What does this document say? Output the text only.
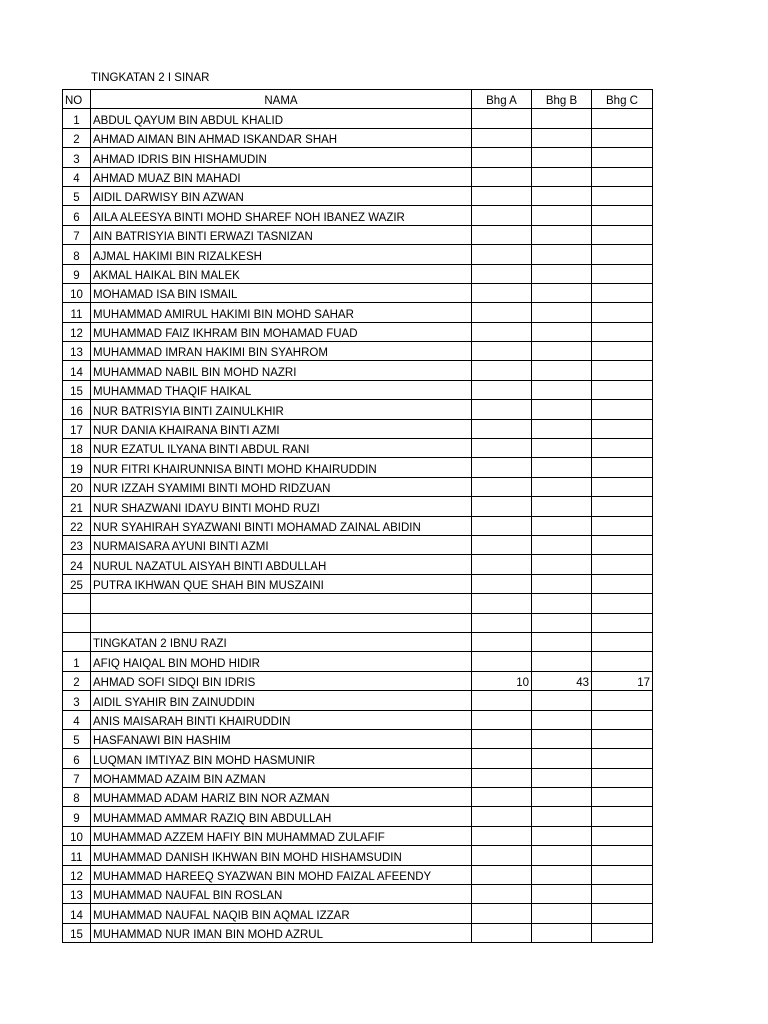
TINGKATAN 2 I SINAR
NO	NAMA	Bhg A	Bhg B	Bhg C
1	ABDUL QAYUM BIN ABDUL KHALID			
2	AHMAD AIMAN BIN AHMAD ISKANDAR SHAH			
3	AHMAD IDRIS BIN HISHAMUDIN			
4	AHMAD MUAZ BIN MAHADI			
5	AIDIL DARWISY BIN AZWAN			
6	AILA ALEESYA BINTI MOHD SHAREF NOH IBANEZ WAZIR			
7	AIN BATRISYIA BINTI ERWAZI TASNIZAN			
8	AJMAL HAKIMI BIN RIZALKESH			
9	AKMAL HAIKAL BIN MALEK			
10	MOHAMAD ISA BIN ISMAIL			
11	MUHAMMAD AMIRUL HAKIMI BIN MOHD SAHAR			
12	MUHAMMAD FAIZ IKHRAM BIN MOHAMAD FUAD			
13	MUHAMMAD IMRAN HAKIMI BIN SYAHROM			
14	MUHAMMAD NABIL BIN MOHD NAZRI			
15	MUHAMMAD THAQIF HAIKAL			
16	NUR BATRISYIA BINTI ZAINULKHIR			
17	NUR DANIA KHAIRANA BINTI AZMI			
18	NUR EZATUL ILYANA BINTI ABDUL RANI			
19	NUR FITRI KHAIRUNNISA BINTI MOHD KHAIRUDDIN			
20	NUR IZZAH SYAMIMI BINTI MOHD RIDZUAN			
21	NUR SHAZWANI IDAYU BINTI MOHD RUZI			
22	NUR SYAHIRAH SYAZWANI BINTI MOHAMAD ZAINAL ABIDIN			
23	NURMAISARA AYUNI BINTI AZMI			
24	NURUL NAZATUL AISYAH BINTI ABDULLAH			
25	PUTRA IKHWAN QUE SHAH BIN MUSZAINI			

	TINGKATAN 2 IBNU RAZI			
1	AFIQ HAIQAL BIN MOHD HIDIR			
2	AHMAD SOFI SIDQI BIN IDRIS	10	43	17
3	AIDIL SYAHIR BIN ZAINUDDIN			
4	ANIS MAISARAH BINTI KHAIRUDDIN			
5	HASFANAWI BIN HASHIM			
6	LUQMAN IMTIYAZ BIN MOHD HASMUNIR			
7	MOHAMMAD AZAIM BIN AZMAN			
8	MUHAMMAD ADAM HARIZ BIN NOR AZMAN			
9	MUHAMMAD AMMAR RAZIQ BIN ABDULLAH			
10	MUHAMMAD AZZEM HAFIY BIN MUHAMMAD ZULAFIF			
11	MUHAMMAD DANISH IKHWAN BIN MOHD HISHAMSUDIN			
12	MUHAMMAD HAREEQ SYAZWAN BIN MOHD FAIZAL AFEENDY			
13	MUHAMMAD NAUFAL BIN ROSLAN			
14	MUHAMMAD NAUFAL NAQIB BIN AQMAL IZZAR			
15	MUHAMMAD NUR IMAN BIN MOHD AZRUL			
